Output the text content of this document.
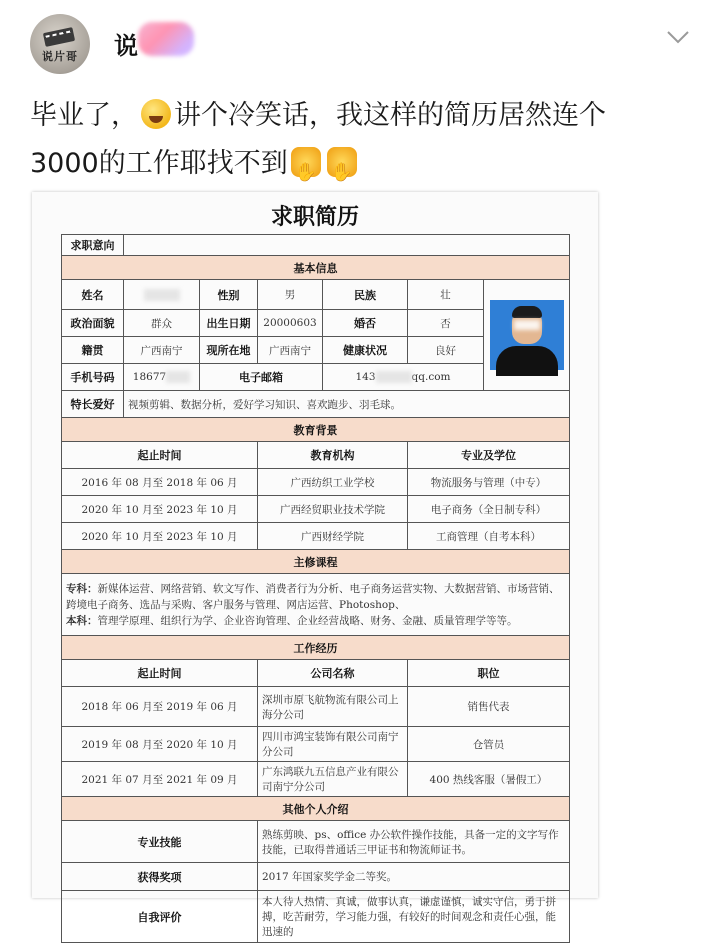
说片哥 说
毕业了， 讲个冷笑话，我这样的简历居然连个
3000的工作耶找不到✋✋
求职简历
求职意向						
基本信息						
姓名		性别	男	民族	壮	

政治面貌	群众	出生日期	20000603	婚否	否	
籍贯	广西南宁	现所在地	广西南宁	健康状况	良好	
手机号码	18677	电子邮箱		143 qq.com		
特长爱好	视频剪辑、数据分析，爱好学习知识、喜欢跑步、羽毛球。					
教育背景						
起止时间			教育机构		专业及学位	
2016 年 08 月至 2018 年 06 月			广西纺织工业学校		物流服务与管理（中专）	
2020 年 10 月至 2023 年 10 月			广西经贸职业技术学院		电子商务（全日制专科）	
2020 年 10 月至 2023 年 10 月			广西财经学院		工商管理（自考本科）	
主修课程						
专科：新媒体运营、网络营销、软文写作、消费者行为分析、电子商务运营实物、大数据营销、市场营销、跨境电子商务、选品与采购、客户服务与管理、网店运营、Photoshop、
本科：管理学原理、组织行为学、企业咨询管理、企业经营战略、财务、金融、质量管理学等等。						
工作经历						
起止时间			公司名称		职位	
2018 年 06 月至 2019 年 06 月			深圳市原飞航物流有限公司上海分公司		销售代表	
2019 年 08 月至 2020 年 10 月			四川市鸿宝装饰有限公司南宁分公司		仓管员	
2021 年 07 月至 2021 年 09 月			广东鸿联九五信息产业有限公司南宁分公司		400 热线客服（暑假工）	
其他个人介绍						
专业技能			熟练剪映、ps、office 办公软件操作技能，具备一定的文字写作技能，已取得普通话三甲证书和物流师证书。			
获得奖项			2017 年国家奖学金二等奖。			
自我评价			本人待人热情、真诚，做事认真，谦虚谨慎，诚实守信，勇于拼搏，吃苦耐劳，学习能力强，有较好的时间观念和责任心强，能迅速的			
